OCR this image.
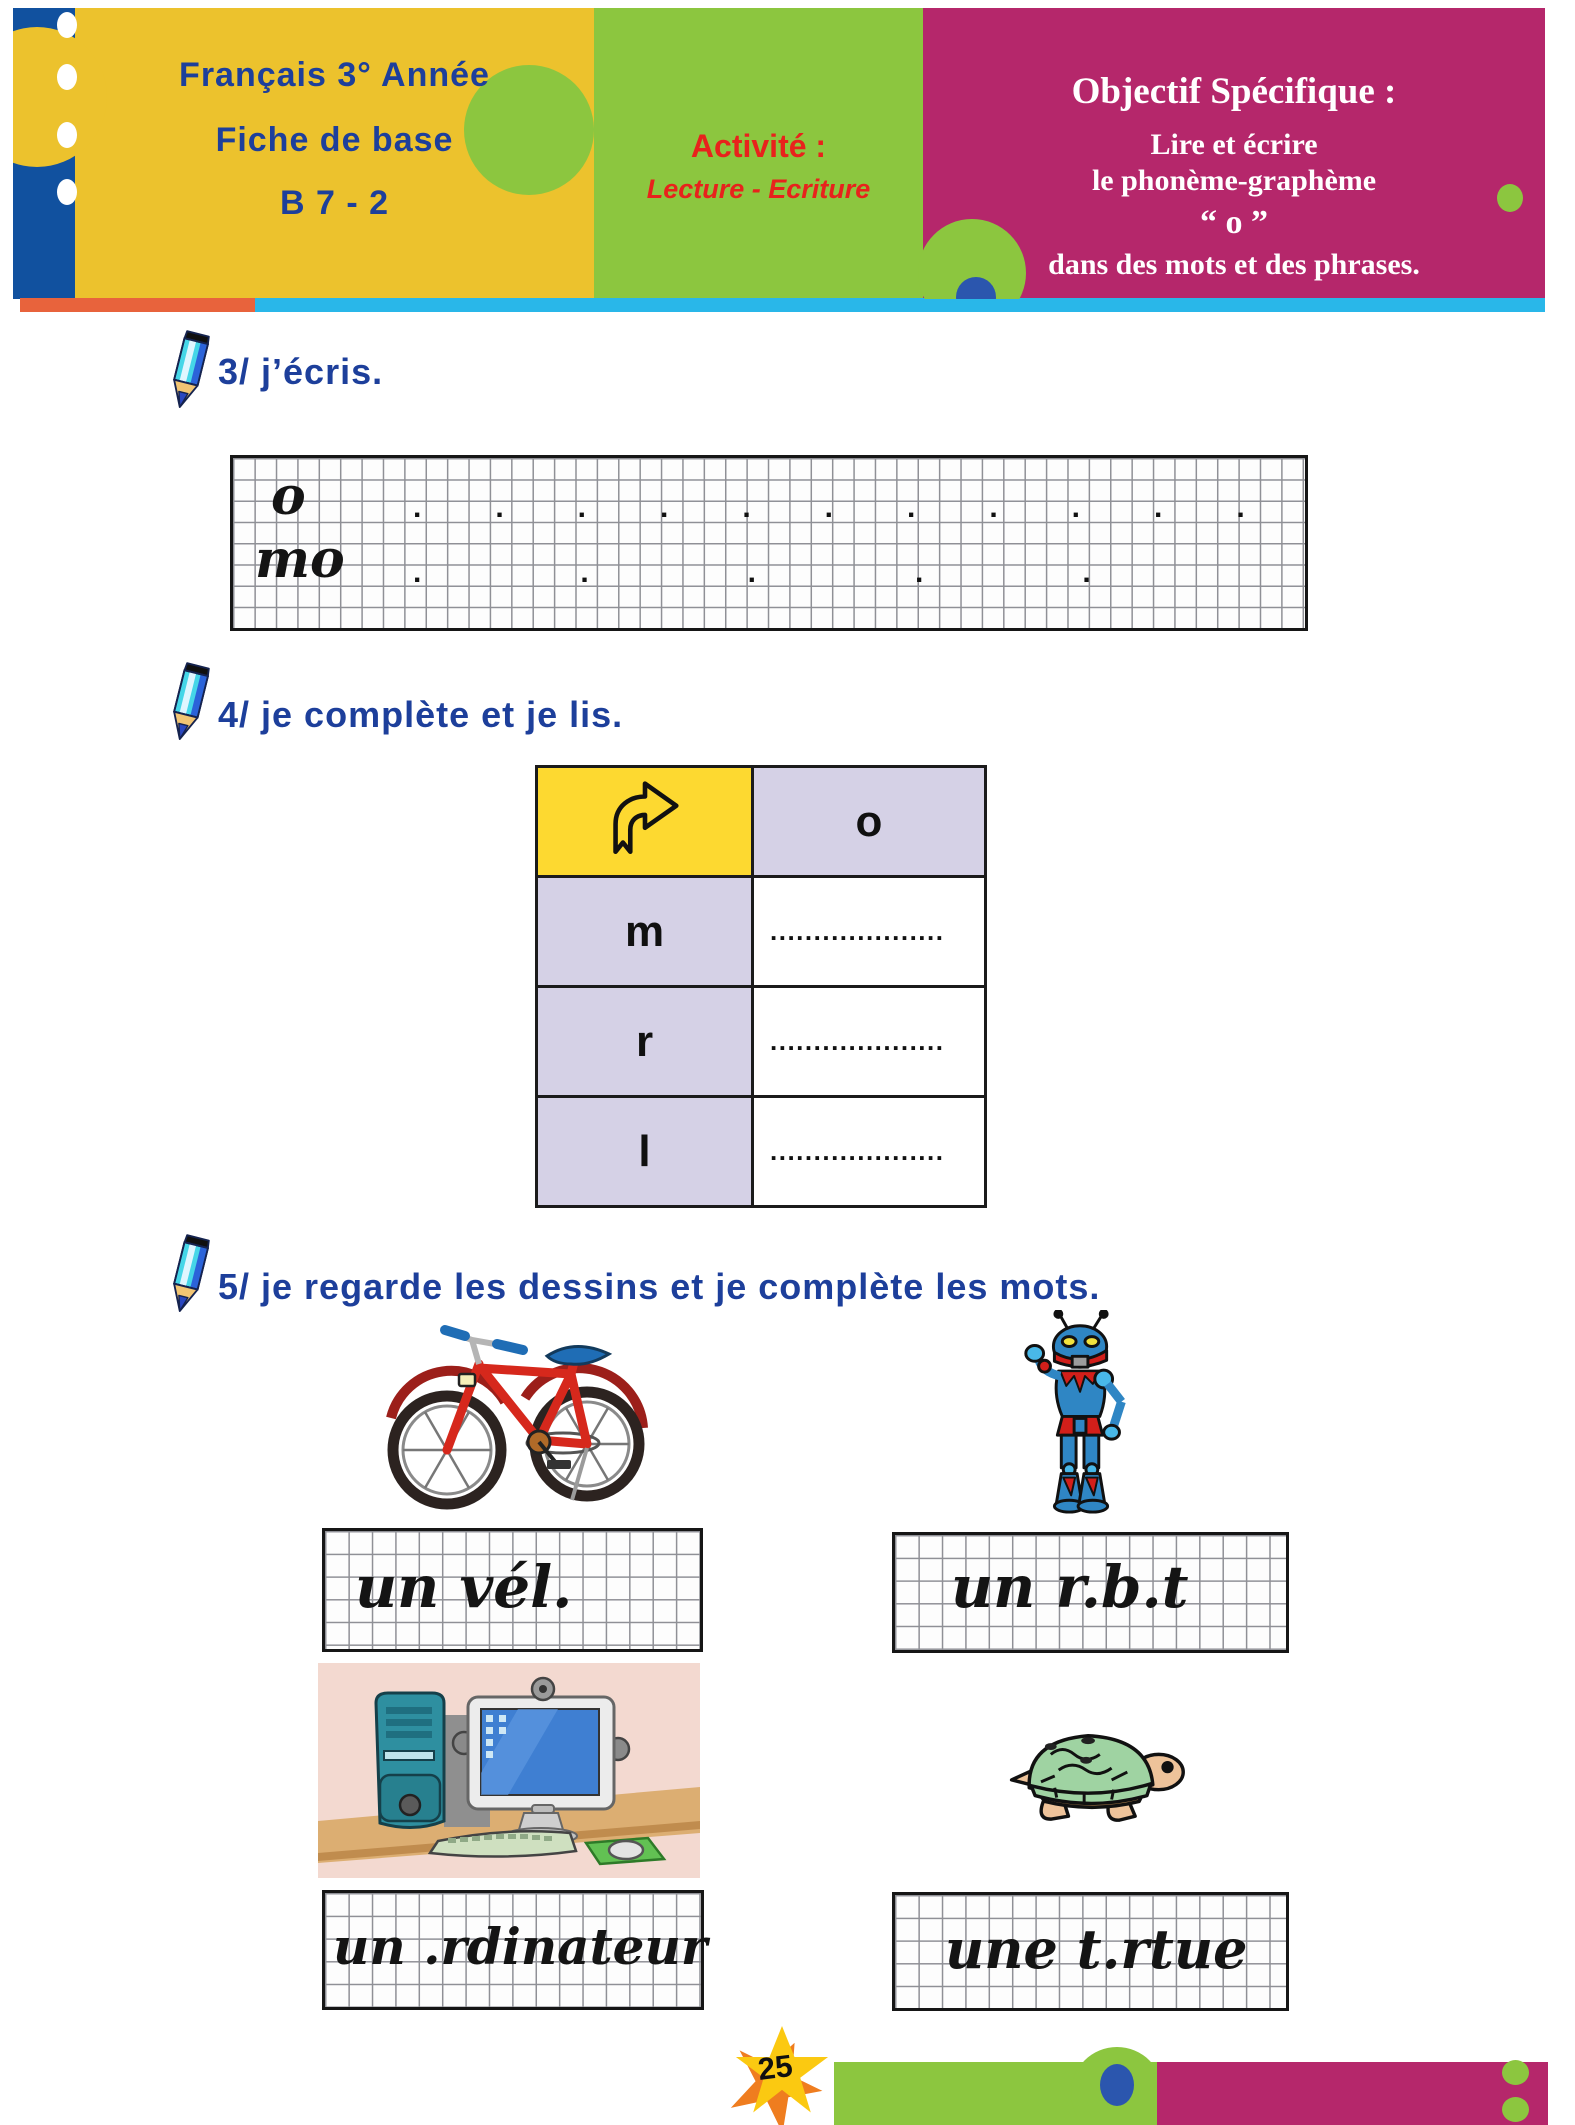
Français 3° Année
Fiche de base
B 7 - 2
Activité :
Lecture - Ecriture
Objectif Spécifique :
Lire et écrire
le phonème-graphème
“ o ”
dans des mots et des phrases.
3/ j’écris.
o	...........
mo .....
4/ je complète et je lis.
	o
m	....................
r	....................
l	....................
5/ je regarde les dessins et je complète les mots.
un vél.	un r.b.t
un .rdinateur	une t.rtue
25
